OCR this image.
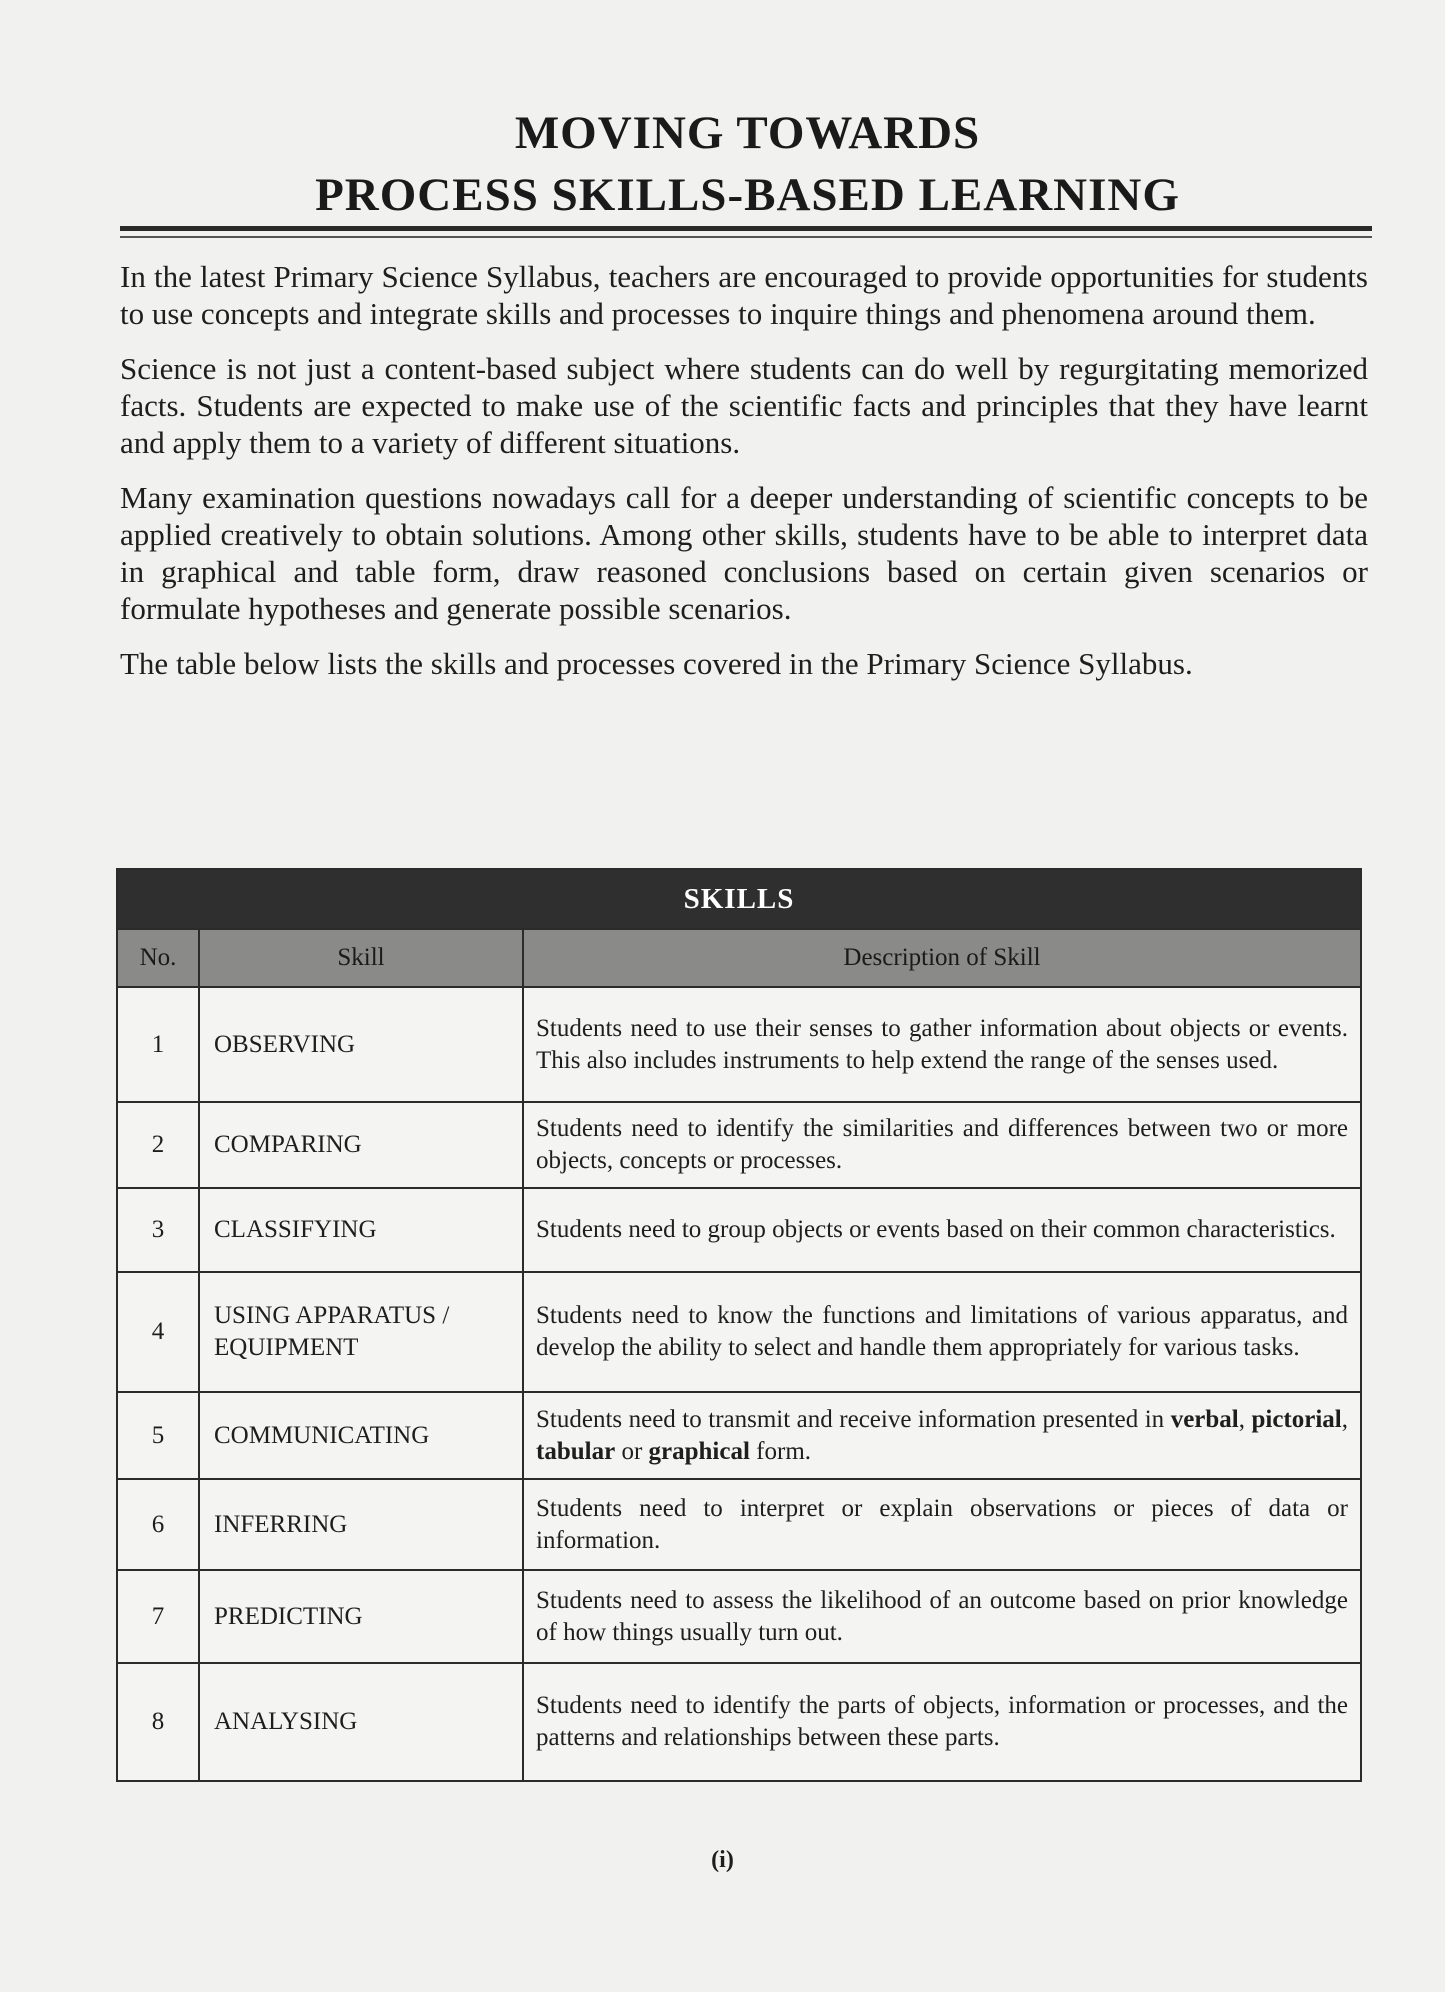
MOVING TOWARDS
PROCESS SKILLS-BASED LEARNING

In the latest Primary Science Syllabus, teachers are encouraged to provide opportunities for students to use concepts and integrate skills and processes to inquire things and phenomena around them.

Science is not just a content-based subject where students can do well by regurgitating memorized facts. Students are expected to make use of the scientific facts and principles that they have learnt and apply them to a variety of different situations.

Many examination questions nowadays call for a deeper understanding of scientific concepts to be applied creatively to obtain solutions. Among other skills, students have to be able to interpret data in graphical and table form, draw reasoned conclusions based on certain given scenarios or formulate hypotheses and generate possible scenarios.

The table below lists the skills and processes covered in the Primary Science Syllabus.

SKILLS		
No.	Skill	Description of Skill
1	OBSERVING	Students need to use their senses to gather information about objects or events. This also includes instruments to help extend the range of the senses used.
2	COMPARING	Students need to identify the similarities and differences between two or more objects, concepts or processes.
3	CLASSIFYING	Students need to group objects or events based on their common characteristics.
4	USING APPARATUS / EQUIPMENT	Students need to know the functions and limitations of various apparatus, and develop the ability to select and handle them appropriately for various tasks.
5	COMMUNICATING	Students need to transmit and receive information presented in verbal, pictorial, tabular or graphical form.
6	INFERRING	Students need to interpret or explain observations or pieces of data or information.
7	PREDICTING	Students need to assess the likelihood of an outcome based on prior knowledge of how things usually turn out.
8	ANALYSING	Students need to identify the parts of objects, information or processes, and the patterns and relationships between these parts.
(i)
